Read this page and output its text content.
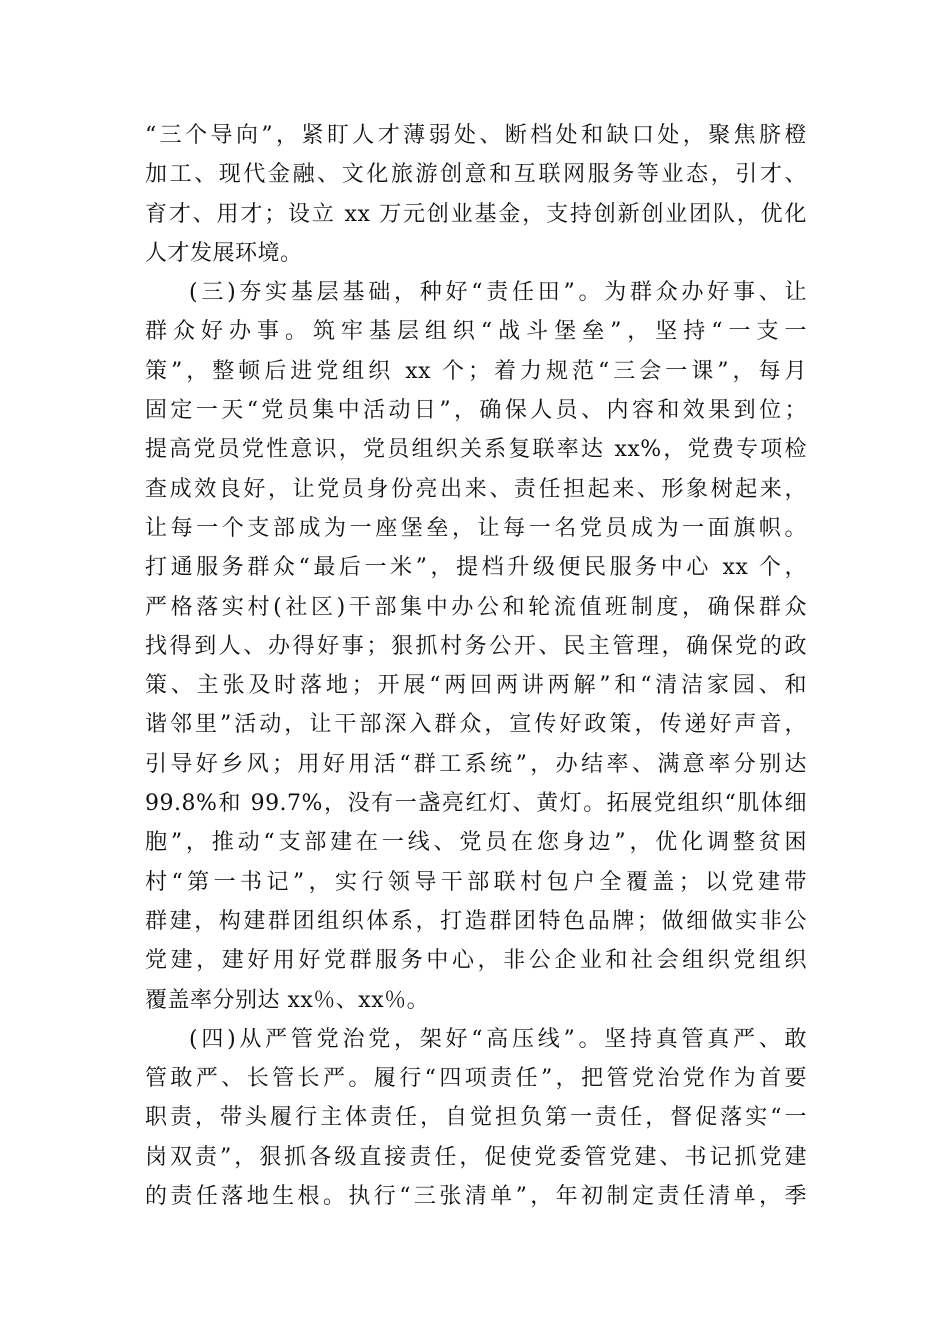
“三个导向”，紧盯人才薄弱处、断档处和缺口处，聚焦脐橙
加工、现代金融、文化旅游创意和互联网服务等业态，引才、
育才、用才；设立 xx 万元创业基金，支持创新创业团队，优化
人才发展环境。
(三)夯实基层基础，种好“责任田”。为群众办好事、让
群众好办事。筑牢基层组织“战斗堡垒”，坚持“一支一
策”，整顿后进党组织 xx 个；着力规范“三会一课”，每月
固定一天“党员集中活动日”，确保人员、内容和效果到位；
提高党员党性意识，党员组织关系复联率达 xx%，党费专项检
查成效良好，让党员身份亮出来、责任担起来、形象树起来，
让每一个支部成为一座堡垒，让每一名党员成为一面旗帜。
打通服务群众“最后一米”，提档升级便民服务中心 xx 个，
严格落实村(社区)干部集中办公和轮流值班制度，确保群众
找得到人、办得好事；狠抓村务公开、民主管理，确保党的政
策、主张及时落地；开展“两回两讲两解”和“清洁家园、和
谐邻里”活动，让干部深入群众，宣传好政策，传递好声音，
引导好乡风；用好用活“群工系统”，办结率、满意率分别达
99.8%和 99.7%，没有一盏亮红灯、黄灯。拓展党组织“肌体细
胞”，推动“支部建在一线、党员在您身边”，优化调整贫困
村“第一书记”，实行领导干部联村包户全覆盖；以党建带
群建，构建群团组织体系，打造群团特色品牌；做细做实非公
党建，建好用好党群服务中心，非公企业和社会组织党组织
覆盖率分别达 xx％、xx％。
(四)从严管党治党，架好“高压线”。坚持真管真严、敢
管敢严、长管长严。履行“四项责任”，把管党治党作为首要
职责，带头履行主体责任，自觉担负第一责任，督促落实“一
岗双责”，狠抓各级直接责任，促使党委管党建、书记抓党建
的责任落地生根。执行“三张清单”，年初制定责任清单，季
